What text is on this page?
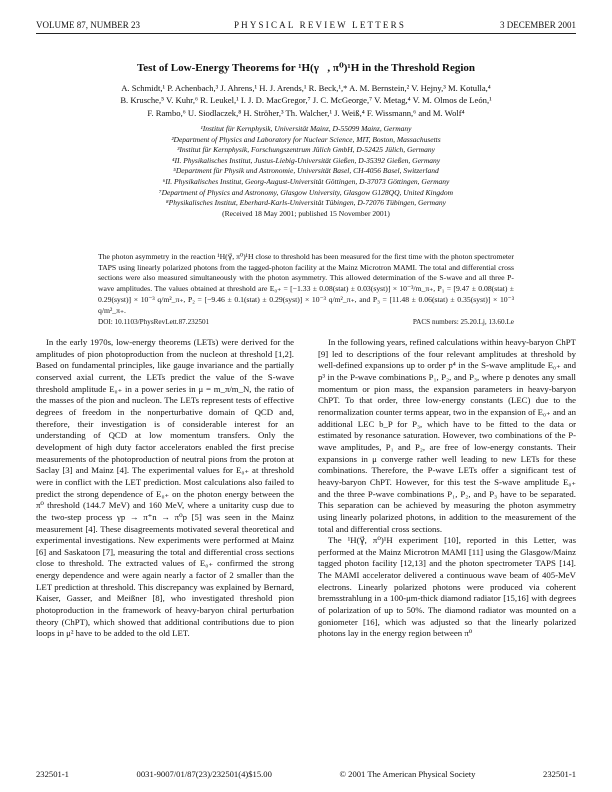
VOLUME 87, NUMBER 23	PHYSICAL REVIEW LETTERS	3 DECEMBER 2001
Test of Low-Energy Theorems for ¹H(γ⃗, π⁰)¹H in the Threshold Region
A. Schmidt,¹ P. Achenbach,³ J. Ahrens,¹ H. J. Arends,¹ R. Beck,¹,* A. M. Bernstein,² V. Hejny,³ M. Kotulla,⁴
B. Krusche,⁵ V. Kuhr,⁶ R. Leukel,¹ I. J. D. MacGregor,⁷ J. C. McGeorge,⁷ V. Metag,⁴ V. M. Olmos de León,¹
F. Rambo,⁶ U. Siodlaczek,⁸ H. Ströher,³ Th. Walcher,¹ J. Weiß,⁴ F. Wissmann,⁶ and M. Wolf⁴
¹Institut für Kernphysik, Universität Mainz, D-55099 Mainz, Germany
²Department of Physics and Laboratory for Nuclear Science, MIT, Boston, Massachusetts
³Institut für Kernphysik, Forschungszentrum Jülich GmbH, D-52425 Jülich, Germany
⁴II. Physikalisches Institut, Justus-Liebig-Universität Gießen, D-35392 Gießen, Germany
⁵Department für Physik und Astronomie, Universität Basel, CH-4056 Basel, Switzerland
⁶II. Physikalisches Institut, Georg-August-Universität Göttingen, D-37073 Göttingen, Germany
⁷Department of Physics and Astronomy, Glasgow University, Glasgow G128QQ, United Kingdom
⁸Physikalisches Institut, Eberhard-Karls-Universität Tübingen, D-72076 Tübingen, Germany
(Received 18 May 2001; published 15 November 2001)
The photon asymmetry in the reaction ¹H(γ⃗, π⁰)¹H close to threshold has been measured for the first time with the photon spectrometer TAPS using linearly polarized photons from the tagged-photon facility at the Mainz Microtron MAMI. The total and differential cross sections were also measured simultaneously with the photon asymmetry. This allowed determination of the S-wave and all three P-wave amplitudes. The values obtained at threshold are E₀₊ = [−1.33 ± 0.08(stat) ± 0.03(syst)] × 10⁻³/m_π₊, P₁ = [9.47 ± 0.08(stat) ± 0.29(syst)] × 10⁻³ q/m²_π₊, P₂ = [−9.46 ± 0.1(stat) ± 0.29(syst)] × 10⁻³ q/m²_π₊, and P₃ = [11.48 ± 0.06(stat) ± 0.35(syst)] × 10⁻³ q/m²_π₊.
DOI: 10.1103/PhysRevLett.87.232501	PACS numbers: 25.20.Lj, 13.60.Le

In the early 1970s, low-energy theorems (LETs) were derived for the amplitudes of pion photoproduction from the nucleon at threshold [1,2]. Based on fundamental principles, like gauge invariance and the partially conserved axial current, the LETs predict the value of the S-wave threshold amplitude E₀₊ in a power series in μ = m_π/m_N, the ratio of the masses of the pion and nucleon. The LETs represent tests of effective degrees of freedom in the nonperturbative domain of QCD and, therefore, their investigation is of considerable interest for an understanding of QCD at low momentum transfers. Only the development of high duty factor accelerators enabled the first precise measurements of the photoproduction of neutral pions from the proton at Saclay [3] and Mainz [4]. The experimental values for E₀₊ at threshold were in conflict with the LET prediction. Most calculations also failed to predict the strong dependence of E₀₊ on the photon energy between the π⁰ threshold (144.7 MeV) and 160 MeV, where a unitarity cusp due to the two-step process γp → π⁺n → π⁰p [5] was seen in the Mainz measurement [4]. These disagreements motivated several theoretical and experimental investigations. New experiments were performed at Mainz [6] and Saskatoon [7], measuring the total and differential cross sections close to threshold. The extracted values of E₀₊ confirmed the strong energy dependence and were again nearly a factor of 2 smaller than the LET prediction at threshold. This discrepancy was explained by Bernard, Kaiser, Gasser, and Meißner [8], who investigated threshold pion photoproduction in the framework of heavy-baryon chiral perturbation theory (ChPT), which showed that additional contributions due to pion loops in μ² have to be added to the old LET.

In the following years, refined calculations within heavy-baryon ChPT [9] led to descriptions of the four relevant amplitudes at threshold by well-defined expansions up to order p⁴ in the S-wave amplitude E₀₊ and p³ in the P-wave combinations P₁, P₂, and P₃, where p denotes any small momentum or pion mass, the expansion parameters in heavy-baryon ChPT. To that order, three low-energy constants (LEC) due to the renormalization counter terms appear, two in the expansion of E₀₊ and an additional LEC b_P for P₃, which have to be fitted to the data or estimated by resonance saturation. However, two combinations of the P-wave amplitudes, P₁ and P₂, are free of low-energy constants. Their expansions in μ converge rather well leading to new LETs for these combinations. Therefore, the P-wave LETs offer a significant test of heavy-baryon ChPT. However, for this test the S-wave amplitude E₀₊ and the three P-wave combinations P₁, P₂, and P₃ have to be separated. This separation can be achieved by measuring the photon asymmetry using linearly polarized photons, in addition to the measurement of the total and differential cross sections.

The ¹H(γ⃗, π⁰)¹H experiment [10], reported in this Letter, was performed at the Mainz Microtron MAMI [11] using the Glasgow/Mainz tagged photon facility [12,13] and the photon spectrometer TAPS [14]. The MAMI accelerator delivered a continuous wave beam of 405-MeV electrons. Linearly polarized photons were produced via coherent bremsstrahlung in a 100-μm-thick diamond radiator [15,16] with degrees of polarization of up to 50%. The diamond radiator was mounted on a goniometer [16], which was adjusted so that the linearly polarized photons lay in the energy region between π⁰

232501-1	0031-9007/01/87(23)/232501(4)$15.00	© 2001 The American Physical Society	232501-1
